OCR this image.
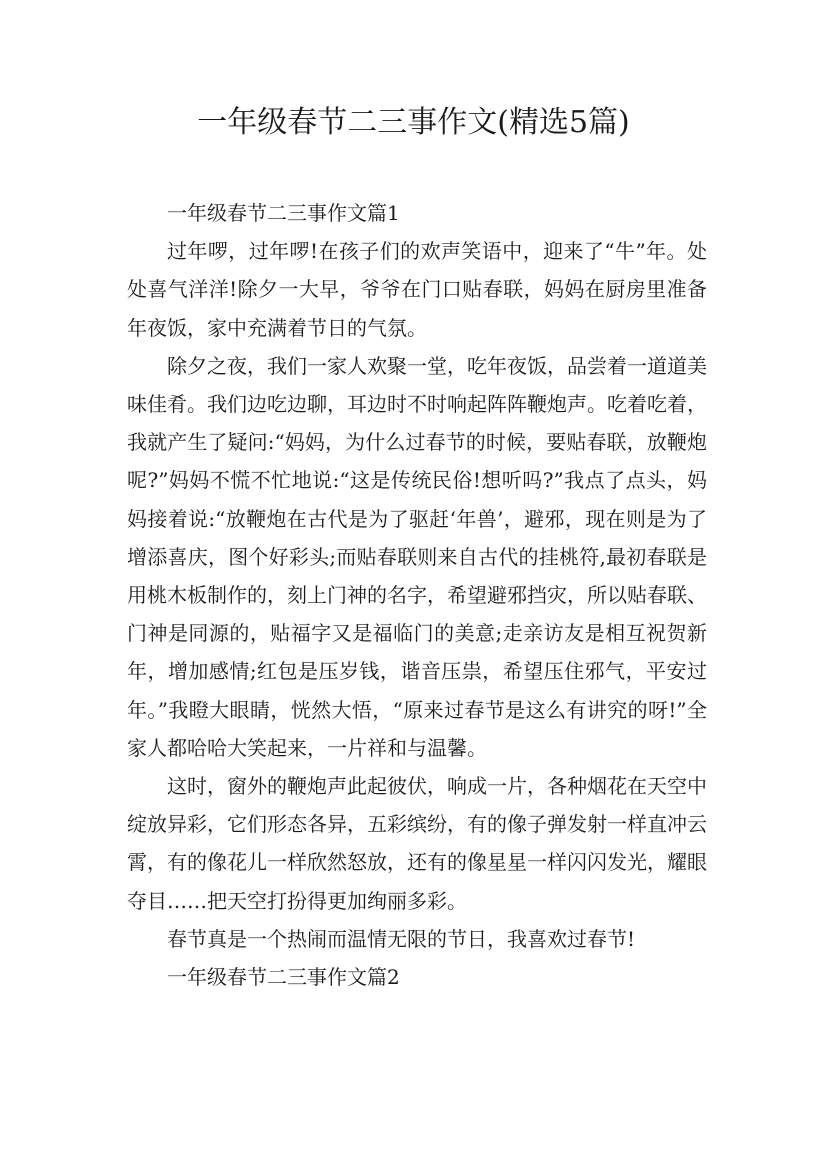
一年级春节二三事作文(精选5篇)

一年级春节二三事作文篇1

过年啰，过年啰!在孩子们的欢声笑语中，迎来了“牛”年。处处喜气洋洋!除夕一大早，爷爷在门口贴春联，妈妈在厨房里准备年夜饭，家中充满着节日的气氛。

除夕之夜，我们一家人欢聚一堂，吃年夜饭，品尝着一道道美味佳肴。我们边吃边聊，耳边时不时响起阵阵鞭炮声。吃着吃着，我就产生了疑问:“妈妈，为什么过春节的时候，要贴春联，放鞭炮呢?”妈妈不慌不忙地说:“这是传统民俗!想听吗?”我点了点头，妈妈接着说:“放鞭炮在古代是为了驱赶‘年兽’，避邪，现在则是为了增添喜庆，图个好彩头;而贴春联则来自古代的挂桃符,最初春联是用桃木板制作的，刻上门神的名字，希望避邪挡灾，所以贴春联、门神是同源的，贴福字又是福临门的美意;走亲访友是相互祝贺新年，增加感情;红包是压岁钱，谐音压祟，希望压住邪气，平安过年。”我瞪大眼睛，恍然大悟，“原来过春节是这么有讲究的呀!”全家人都哈哈大笑起来，一片祥和与温馨。

这时，窗外的鞭炮声此起彼伏，响成一片，各种烟花在天空中绽放异彩，它们形态各异，五彩缤纷，有的像子弹发射一样直冲云霄，有的像花儿一样欣然怒放，还有的像星星一样闪闪发光，耀眼夺目……把天空打扮得更加绚丽多彩。

春节真是一个热闹而温情无限的节日，我喜欢过春节!

一年级春节二三事作文篇2
